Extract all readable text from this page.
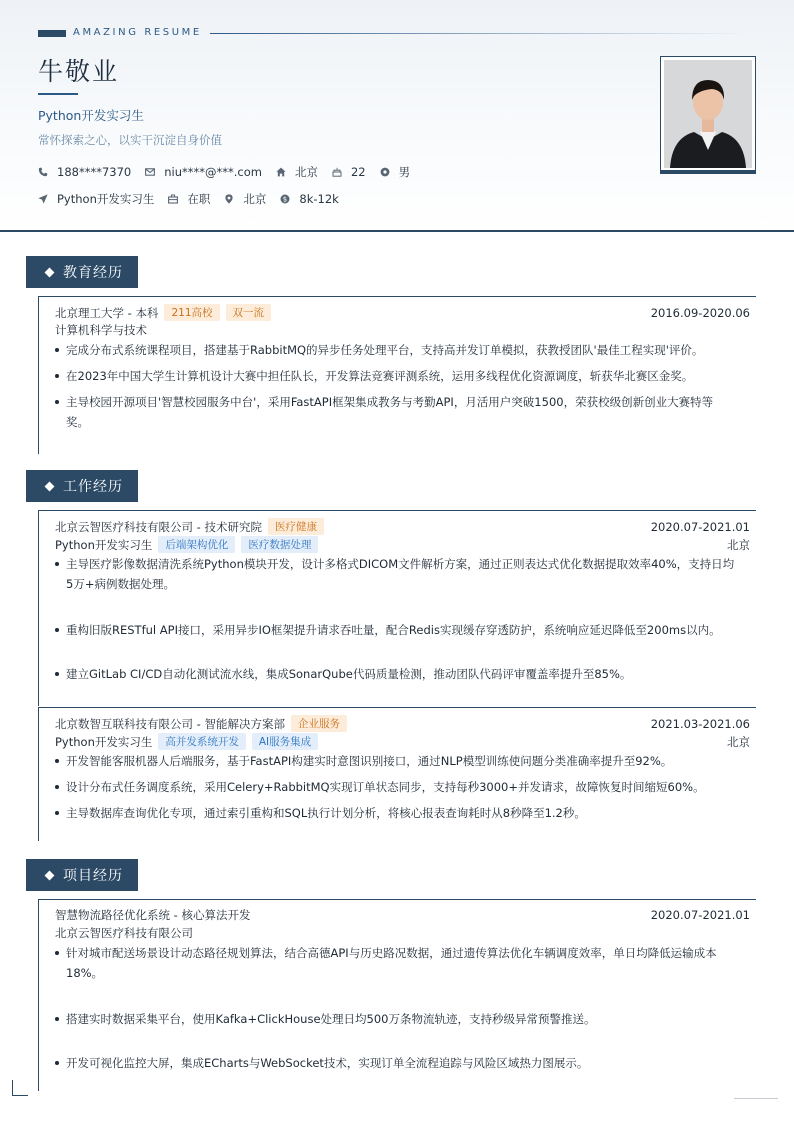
AMAZING RESUME
牛敬业
Python开发实习生
常怀探索之心，以实干沉淀自身价值
188****7370	niu****@***.com	北京	22	男
Python开发实习生	在职	北京 $ 8k-12k
教育经历
北京理工大学 - 本科	211高校	双一流	2016.09-2020.06
计算机科学与技术
完成分布式系统课程项目，搭建基于RabbitMQ的异步任务处理平台，支持高并发订单模拟，获教授团队'最佳工程实现'评价。
在2023年中国大学生计算机设计大赛中担任队长，开发算法竞赛评测系统，运用多线程优化资源调度，斩获华北赛区金奖。
主导校园开源项目'智慧校园服务中台'，采用FastAPI框架集成教务与考勤API，月活用户突破1500，荣获校级创新创业大赛特等奖。
工作经历
北京云智医疗科技有限公司 - 技术研究院	医疗健康	2020.07-2021.01
Python开发实习生	后端架构优化	医疗数据处理	北京
主导医疗影像数据清洗系统Python模块开发，设计多格式DICOM文件解析方案，通过正则表达式优化数据提取效率40%，支持日均5万+病例数据处理。
重构旧版RESTful API接口，采用异步IO框架提升请求吞吐量，配合Redis实现缓存穿透防护，系统响应延迟降低至200ms以内。
建立GitLab CI/CD自动化测试流水线，集成SonarQube代码质量检测，推动团队代码评审覆盖率提升至85%。
北京数智互联科技有限公司 - 智能解决方案部	企业服务	2021.03-2021.06
Python开发实习生	高并发系统开发	AI服务集成	北京
开发智能客服机器人后端服务，基于FastAPI构建实时意图识别接口，通过NLP模型训练使问题分类准确率提升至92%。
设计分布式任务调度系统，采用Celery+RabbitMQ实现订单状态同步，支持每秒3000+并发请求，故障恢复时间缩短60%。
主导数据库查询优化专项，通过索引重构和SQL执行计划分析，将核心报表查询耗时从8秒降至1.2秒。
项目经历
智慧物流路径优化系统 - 核心算法开发	2020.07-2021.01
北京云智医疗科技有限公司
针对城市配送场景设计动态路径规划算法，结合高德API与历史路况数据，通过遗传算法优化车辆调度效率，单日均降低运输成本18%。
搭建实时数据采集平台，使用Kafka+ClickHouse处理日均500万条物流轨迹，支持秒级异常预警推送。
开发可视化监控大屏，集成ECharts与WebSocket技术，实现订单全流程追踪与风险区域热力图展示。
